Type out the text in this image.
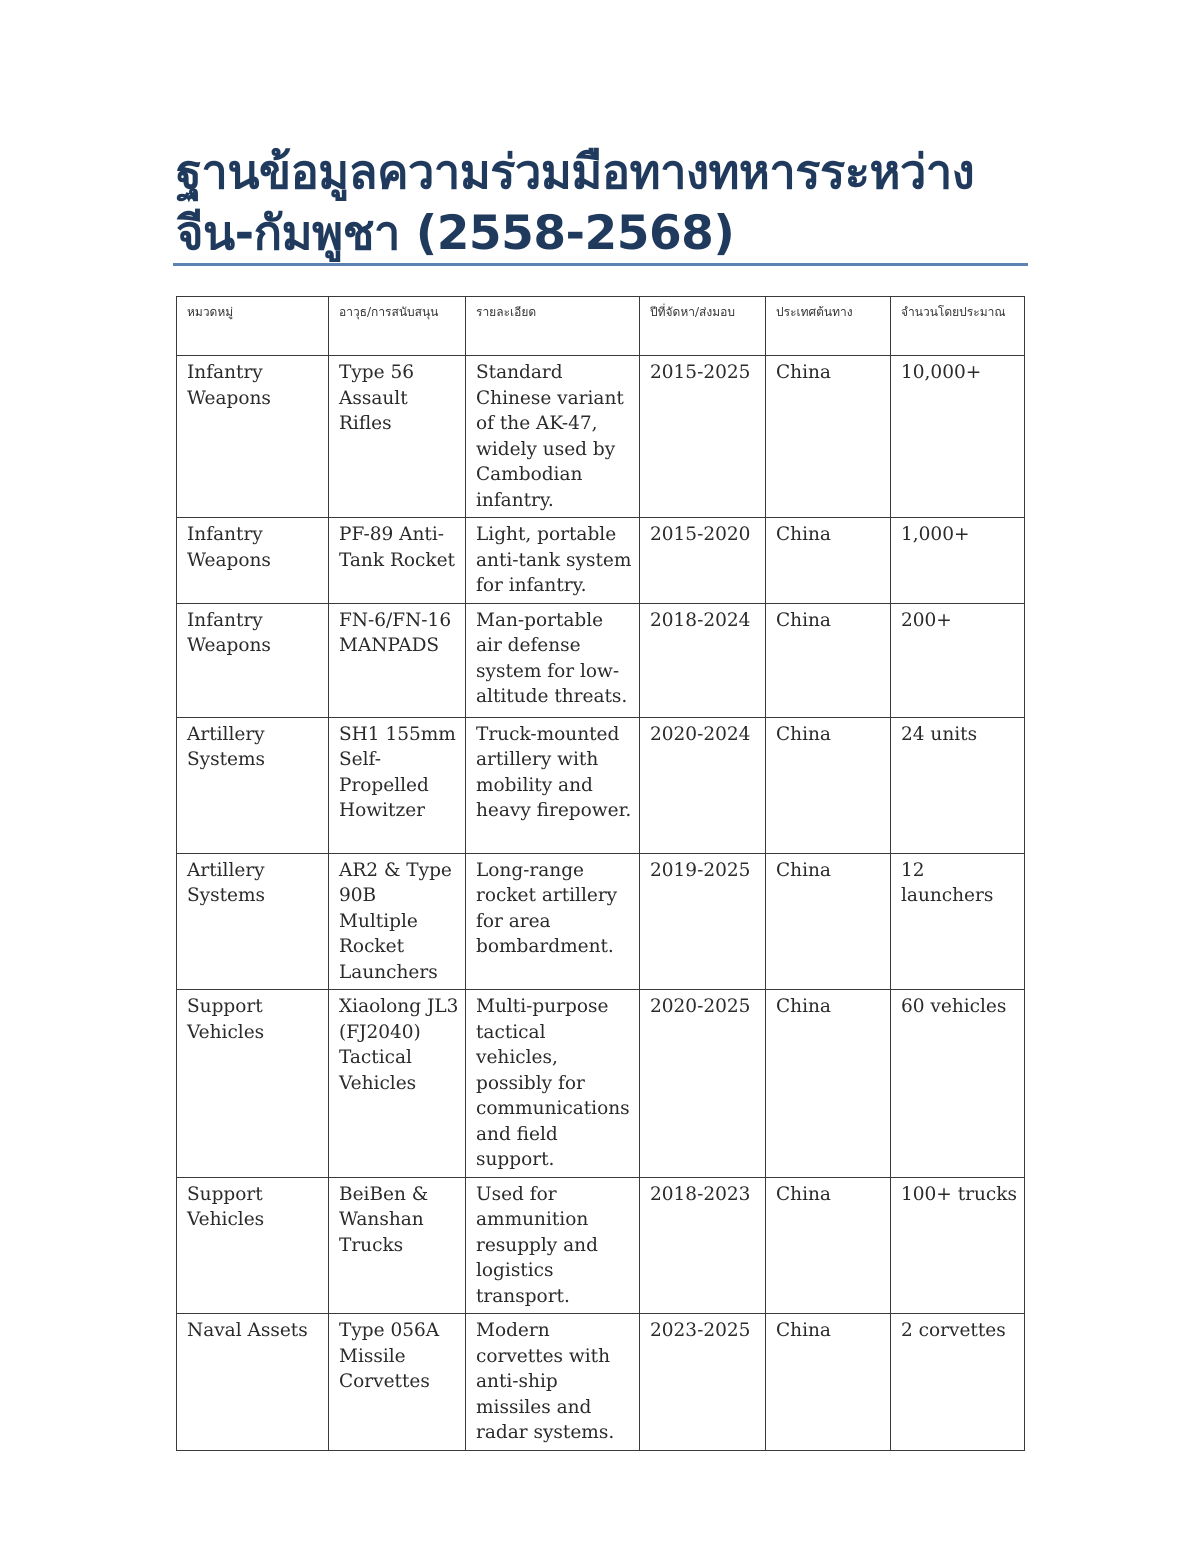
ฐานข้อมูลความร่วมมือทางทหารระหว่างจีน-กัมพูชา (2558-2568)
หมวดหมู่	อาวุธ/การสนับสนุน	รายละเอียด	ปีที่จัดหา/ส่งมอบ	ประเทศต้นทาง	จำนวนโดยประมาณ
Infantry Weapons	Type 56 Assault Rifles	Standard Chinese variant of the AK-47, widely used by Cambodian infantry.	2015-2025	China	10,000+
Infantry Weapons	PF-89 Anti-Tank Rocket	Light, portable anti-tank system for infantry.	2015-2020	China	1,000+
Infantry Weapons	FN-6/FN-16 MANPADS	Man-portable air defense system for low-altitude threats.	2018-2024	China	200+
Artillery Systems	SH1 155mm Self-Propelled Howitzer	Truck-mounted artillery with mobility and heavy firepower.	2020-2024	China	24 units
Artillery Systems	AR2 & Type 90B Multiple Rocket Launchers	Long-range rocket artillery for area bombardment.	2019-2025	China	12 launchers
Support Vehicles	Xiaolong JL3 (FJ2040) Tactical Vehicles	Multi-purpose tactical vehicles, possibly for communications and field support.	2020-2025	China	60 vehicles
Support Vehicles	BeiBen & Wanshan Trucks	Used for ammunition resupply and logistics transport.	2018-2023	China	100+ trucks
Naval Assets	Type 056A Missile Corvettes	Modern corvettes with anti-ship missiles and radar systems.	2023-2025	China	2 corvettes
